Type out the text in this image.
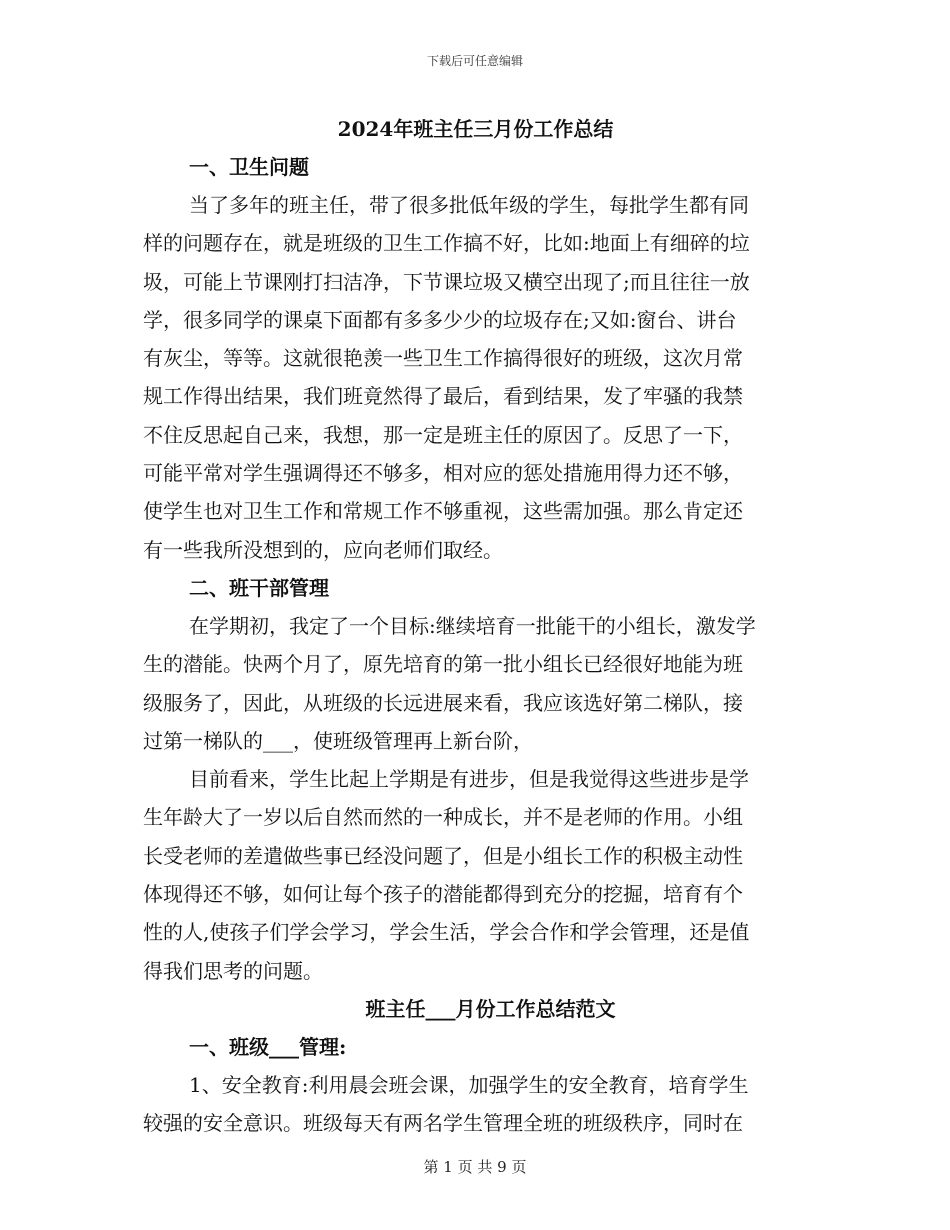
下载后可任意编辑
2024年班主任三月份工作总结
一、卫生问题
当了多年的班主任，带了很多批低年级的学生，每批学生都有同
样的问题存在，就是班级的卫生工作搞不好，比如:地面上有细碎的垃
圾，可能上节课刚打扫洁净，下节课垃圾又横空出现了;而且往往一放
学，很多同学的课桌下面都有多多少少的垃圾存在;又如:窗台、讲台
有灰尘，等等。这就很艳羡一些卫生工作搞得很好的班级，这次月常
规工作得出结果，我们班竟然得了最后，看到结果，发了牢骚的我禁
不住反思起自己来，我想，那一定是班主任的原因了。反思了一下，
可能平常对学生强调得还不够多，相对应的惩处措施用得力还不够，
使学生也对卫生工作和常规工作不够重视，这些需加强。那么肯定还
有一些我所没想到的，应向老师们取经。
二、班干部管理
在学期初，我定了一个目标:继续培育一批能干的小组长，激发学
生的潜能。快两个月了，原先培育的第一批小组长已经很好地能为班
级服务了，因此，从班级的长远进展来看，我应该选好第二梯队，接
过第一梯队的___，使班级管理再上新台阶，
目前看来，学生比起上学期是有进步，但是我觉得这些进步是学
生年龄大了一岁以后自然而然的一种成长，并不是老师的作用。小组
长受老师的差遣做些事已经没问题了，但是小组长工作的积极主动性
体现得还不够，如何让每个孩子的潜能都得到充分的挖掘，培育有个
性的人,使孩子们学会学习，学会生活，学会合作和学会管理，还是值
得我们思考的问题。
班主任___月份工作总结范文
一、班级___管理:
1、安全教育:利用晨会班会课，加强学生的安全教育，培育学生
较强的安全意识。班级每天有两名学生管理全班的班级秩序，同时在
第 1 页 共 9 页
